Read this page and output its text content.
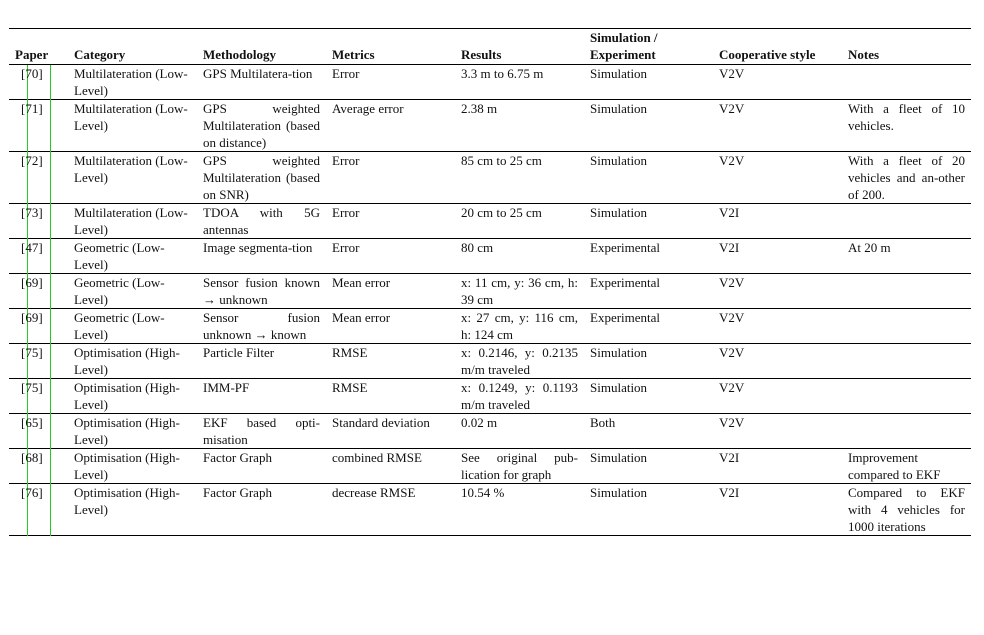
Paper	Category	Methodology	Metrics	Results	Simulation / Experiment	Cooperative style	Notes

[70]	Multilateration (Low-Level)	GPS Multilatera-tion	Error	3.3 m to 6.75 m	Simulation	V2V	

[71]	Multilateration (Low-Level)	GPS weighted Multilateration (based on distance)	Average error	2.38 m	Simulation	V2V	With a fleet of 10 vehicles.

[72]	Multilateration (Low-Level)	GPS weighted Multilateration (based on SNR)	Error	85 cm to 25 cm	Simulation	V2V	With a fleet of 20 vehicles and an-other of 200.

[73]	Multilateration (Low-Level)	TDOA with 5G antennas	Error	20 cm to 25 cm	Simulation	V2I	

[47]	Geometric (Low-Level)	Image segmenta-tion	Error	80 cm	Experimental	V2I	At 20 m

[69]	Geometric (Low-Level)	Sensor fusion known → unknown	Mean error	x: 11 cm, y: 36 cm, h: 39 cm	Experimental	V2V	

[69]	Geometric (Low-Level)	Sensor fusion unknown → known	Mean error	x: 27 cm, y: 116 cm, h: 124 cm	Experimental	V2V	

[75]	Optimisation (High-Level)	Particle Filter	RMSE	x: 0.2146, y: 0.2135 m/m traveled	Simulation	V2V	

[75]	Optimisation (High-Level)	IMM-PF	RMSE	x: 0.1249, y: 0.1193 m/m traveled	Simulation	V2V	

[65]	Optimisation (High-Level)	EKF based opti-misation	Standard deviation	0.02 m	Both	V2V	

[68]	Optimisation (High-Level)	Factor Graph	combined RMSE	See original pub-lication for graph	Simulation	V2I	Improvement compared to EKF

[76]	Optimisation (High-Level)	Factor Graph	decrease RMSE	10.54 %	Simulation	V2I	Compared to EKF with 4 vehicles for 1000 iterations
